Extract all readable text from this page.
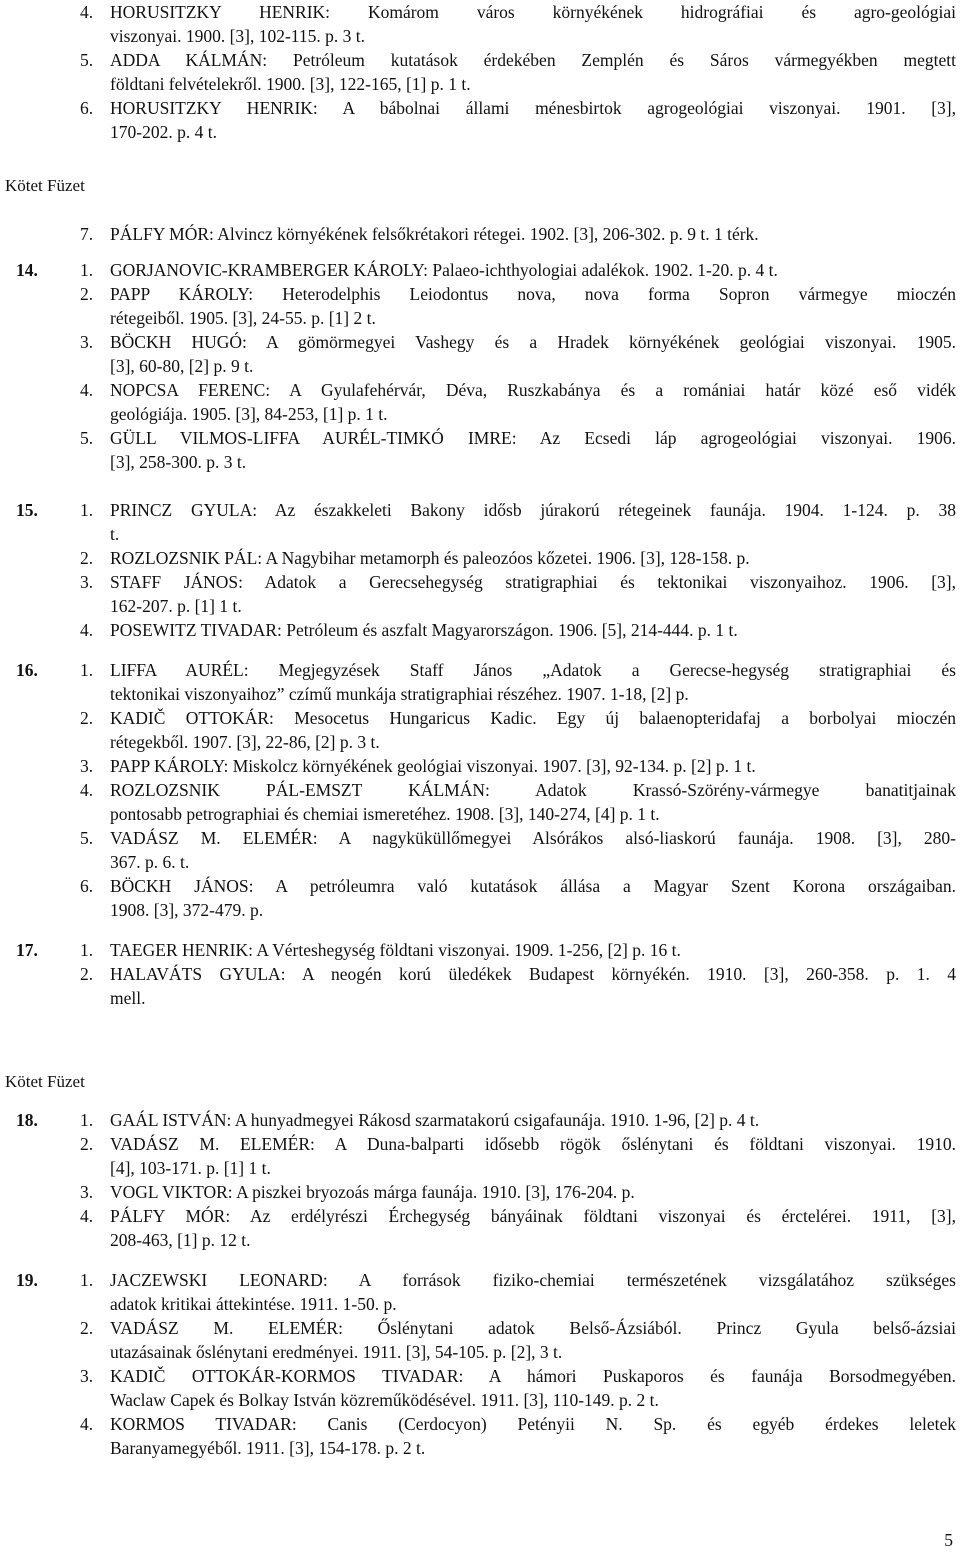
Kötet Füzet
Kötet Füzet
4. HORUSITZKY HENRIK: Komárom város környékének hidrográfiai és agro-geológiai
viszonyai. 1900. [3], 102-115. p. 3 t.
5. ADDA KÁLMÁN: Petróleum kutatások érdekében Zemplén és Sáros vármegyékben megtett
földtani felvételekről. 1900. [3], 122-165, [1] p. 1 t.
6. HORUSITZKY HENRIK: A bábolnai állami ménesbirtok agrogeológiai viszonyai. 1901. [3],
170-202. p. 4 t.
7. PÁLFY MÓR: Alvincz környékének felsőkrétakori rétegei. 1902. [3], 206-302. p. 9 t. 1 térk.
14. 1. GORJANOVIC-KRAMBERGER KÁROLY: Palaeo-ichthyologiai adalékok. 1902. 1-20. p. 4 t.
2. PAPP KÁROLY: Heterodelphis Leiodontus nova, nova forma Sopron vármegye mioczén
rétegeiből. 1905. [3], 24-55. p. [1] 2 t.
3. BÖCKH HUGÓ: A gömörmegyei Vashegy és a Hradek környékének geológiai viszonyai. 1905.
[3], 60-80, [2] p. 9 t.
4. NOPCSA FERENC: A Gyulafehérvár, Déva, Ruszkabánya és a romániai határ közé eső vidék
geológiája. 1905. [3], 84-253, [1] p. 1 t.
5. GÜLL VILMOS-LIFFA AURÉL-TIMKÓ IMRE: Az Ecsedi láp agrogeológiai viszonyai. 1906.
[3], 258-300. p. 3 t.
15. 1. PRINCZ GYULA: Az északkeleti Bakony idősb júrakorú rétegeinek faunája. 1904. 1-124. p. 38
t.
2. ROZLOZSNIK PÁL: A Nagybihar metamorph és paleozóos kőzetei. 1906. [3], 128-158. p.
3. STAFF JÁNOS: Adatok a Gerecsehegység stratigraphiai és tektonikai viszonyaihoz. 1906. [3],
162-207. p. [1] 1 t.
4. POSEWITZ TIVADAR: Petróleum és aszfalt Magyarországon. 1906. [5], 214-444. p. 1 t.
16. 1. LIFFA AURÉL: Megjegyzések Staff János „Adatok a Gerecse-hegység stratigraphiai és
tektonikai viszonyaihoz” czímű munkája stratigraphiai részéhez. 1907. 1-18, [2] p.
2. KADIČ OTTOKÁR: Mesocetus Hungaricus Kadic. Egy új balaenopteridafaj a borbolyai mioczén
rétegekből. 1907. [3], 22-86, [2] p. 3 t.
3. PAPP KÁROLY: Miskolcz környékének geológiai viszonyai. 1907. [3], 92-134. p. [2] p. 1 t.
4. ROZLOZSNIK PÁL-EMSZT KÁLMÁN: Adatok Krassó-Szörény-vármegye banatitjainak
pontosabb petrographiai és chemiai ismeretéhez. 1908. [3], 140-274, [4] p. 1 t.
5. VADÁSZ M. ELEMÉR: A nagyküküllőmegyei Alsórákos alsó-liaskorú faunája. 1908. [3], 280-
367. p. 6. t.
6. BÖCKH JÁNOS: A petróleumra való kutatások állása a Magyar Szent Korona országaiban.
1908. [3], 372-479. p.
17. 1. TAEGER HENRIK: A Vérteshegység földtani viszonyai. 1909. 1-256, [2] p. 16 t.
2. HALAVÁTS GYULA: A neogén korú üledékek Budapest környékén. 1910. [3], 260-358. p. 1. 4
mell.
18. 1. GAÁL ISTVÁN: A hunyadmegyei Rákosd szarmatakorú csigafaunája. 1910. 1-96, [2] p. 4 t.
2. VADÁSZ M. ELEMÉR: A Duna-balparti idősebb rögök őslénytani és földtani viszonyai. 1910.
[4], 103-171. p. [1] 1 t.
3. VOGL VIKTOR: A piszkei bryozoás márga faunája. 1910. [3], 176-204. p.
4. PÁLFY MÓR: Az erdélyrészi Érchegység bányáinak földtani viszonyai és érctelérei. 1911, [3],
208-463, [1] p. 12 t.
19. 1. JACZEWSKI LEONARD: A források fiziko-chemiai természetének vizsgálatához szükséges
adatok kritikai áttekintése. 1911. 1-50. p.
2. VADÁSZ M. ELEMÉR: Őslénytani adatok Belső-Ázsiából. Princz Gyula belső-ázsiai
utazásainak őslénytani eredményei. 1911. [3], 54-105. p. [2], 3 t.
3. KADIČ OTTOKÁR-KORMOS TIVADAR: A hámori Puskaporos és faunája Borsodmegyében.
Waclaw Capek és Bolkay István közreműködésével. 1911. [3], 110-149. p. 2 t.
4. KORMOS TIVADAR: Canis (Cerdocyon) Petényii N. Sp. és egyéb érdekes leletek
Baranyamegyéből. 1911. [3], 154-178. p. 2 t.
5
